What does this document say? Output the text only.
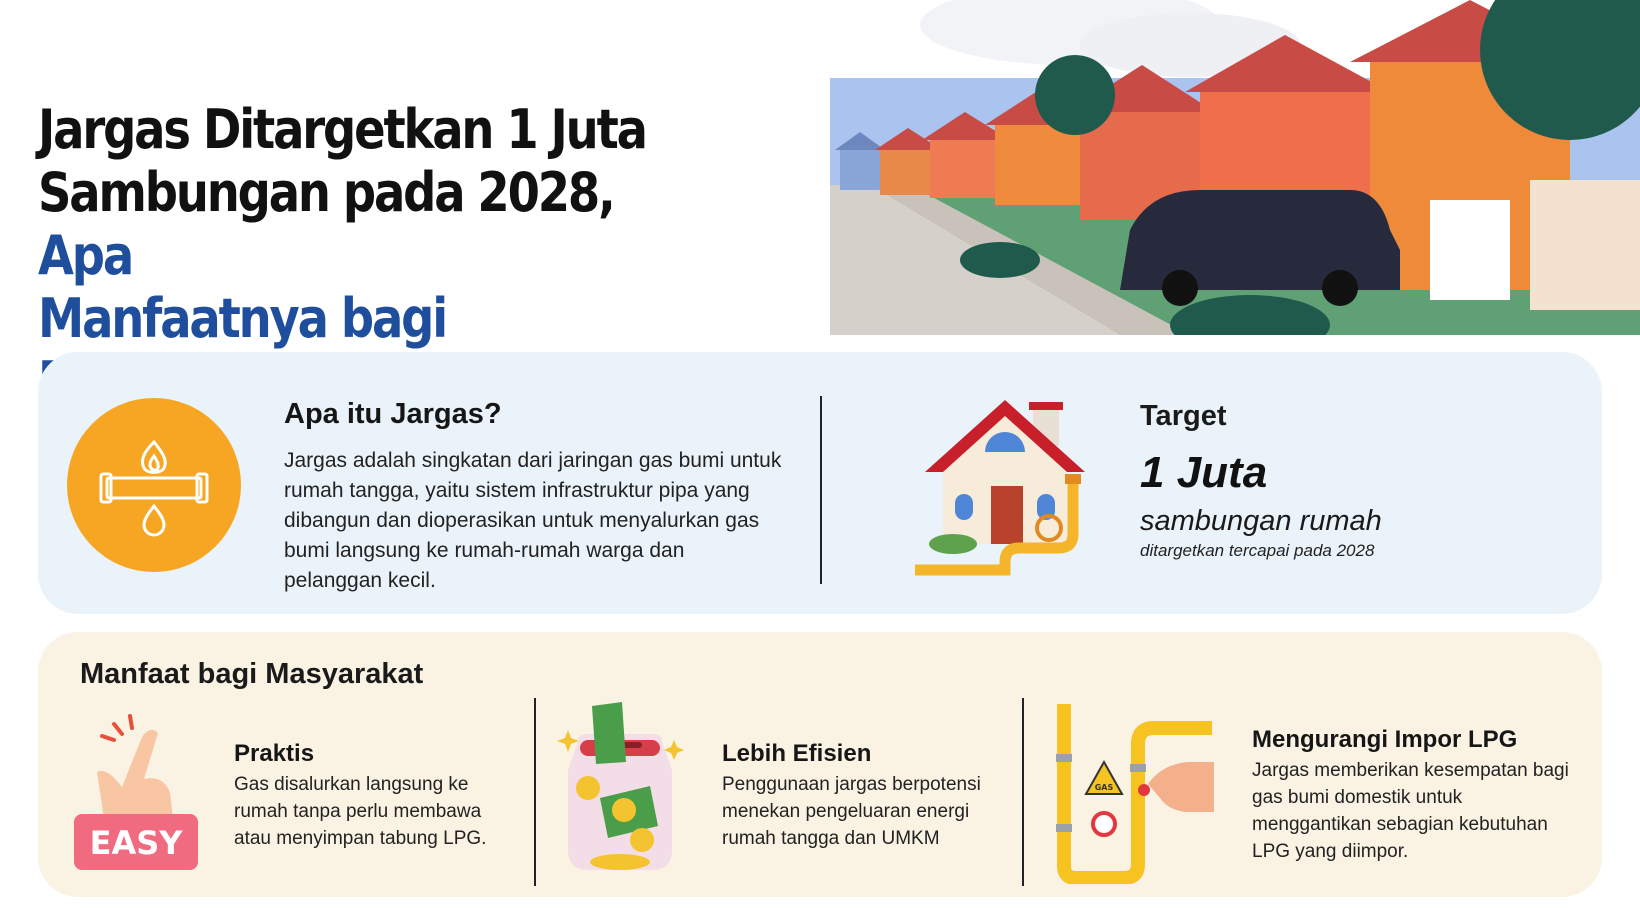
Jargas Ditargetkan 1 Juta
Sambungan pada 2028, Apa
Manfaatnya bagi
Apa itu Jargas?
Jargas adalah singkatan dari jaringan gas bumi untuk rumah tangga, yaitu sistem infrastruktur pipa yang dibangun dan dioperasikan untuk menyalurkan gas bumi langsung ke rumah-rumah warga dan pelanggan kecil.
Target
1 Juta
sambungan rumah
ditargetkan tercapai pada 2028
Manfaat bagi Masyarakat
EASY
Praktis
Gas disalurkan langsung ke rumah tanpa perlu membawa atau menyimpan tabung LPG.
Lebih Efisien
Penggunaan jargas berpotensi menekan pengeluaran energi rumah tangga dan UMKM
GAS
Mengurangi Impor LPG
Jargas memberikan kesempatan bagi gas bumi domestik untuk menggantikan sebagian kebutuhan LPG yang diimpor.
